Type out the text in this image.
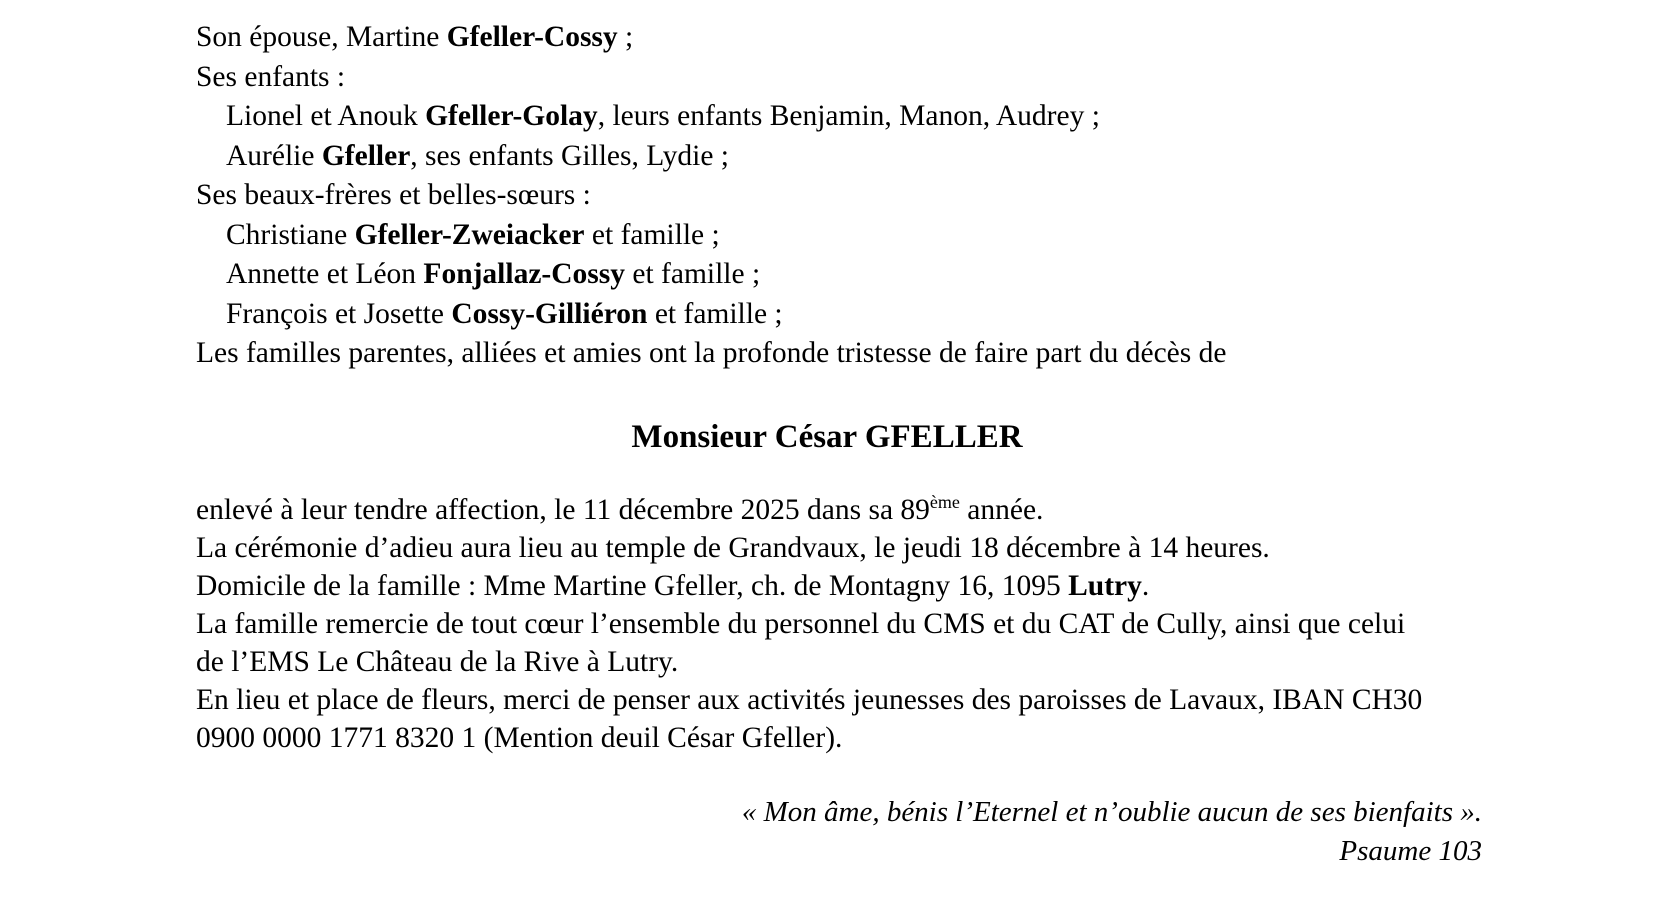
Son épouse, Martine Gfeller-Cossy ;
Ses enfants :
Lionel et Anouk Gfeller-Golay, leurs enfants Benjamin, Manon, Audrey ;
Aurélie Gfeller, ses enfants Gilles, Lydie ;
Ses beaux-frères et belles-sœurs :
Christiane Gfeller-Zweiacker et famille ;
Annette et Léon Fonjallaz-Cossy et famille ;
François et Josette Cossy-Gilliéron et famille ;
Les familles parentes, alliées et amies ont la profonde tristesse de faire part du décès de
Monsieur César GFELLER
enlevé à leur tendre affection, le 11 décembre 2025 dans sa 89ème année.
La cérémonie d’adieu aura lieu au temple de Grandvaux, le jeudi 18 décembre à 14 heures.
Domicile de la famille : Mme Martine Gfeller, ch. de Montagny 16, 1095 Lutry.
La famille remercie de tout cœur l’ensemble du personnel du CMS et du CAT de Cully, ainsi que celui de l’EMS Le Château de la Rive à Lutry.
En lieu et place de fleurs, merci de penser aux activités jeunesses des paroisses de Lavaux, IBAN CH30 0900 0000 1771 8320 1 (Mention deuil César Gfeller).
« Mon âme, bénis l’Eternel et n’oublie aucun de ses bienfaits ».
Psaume 103
